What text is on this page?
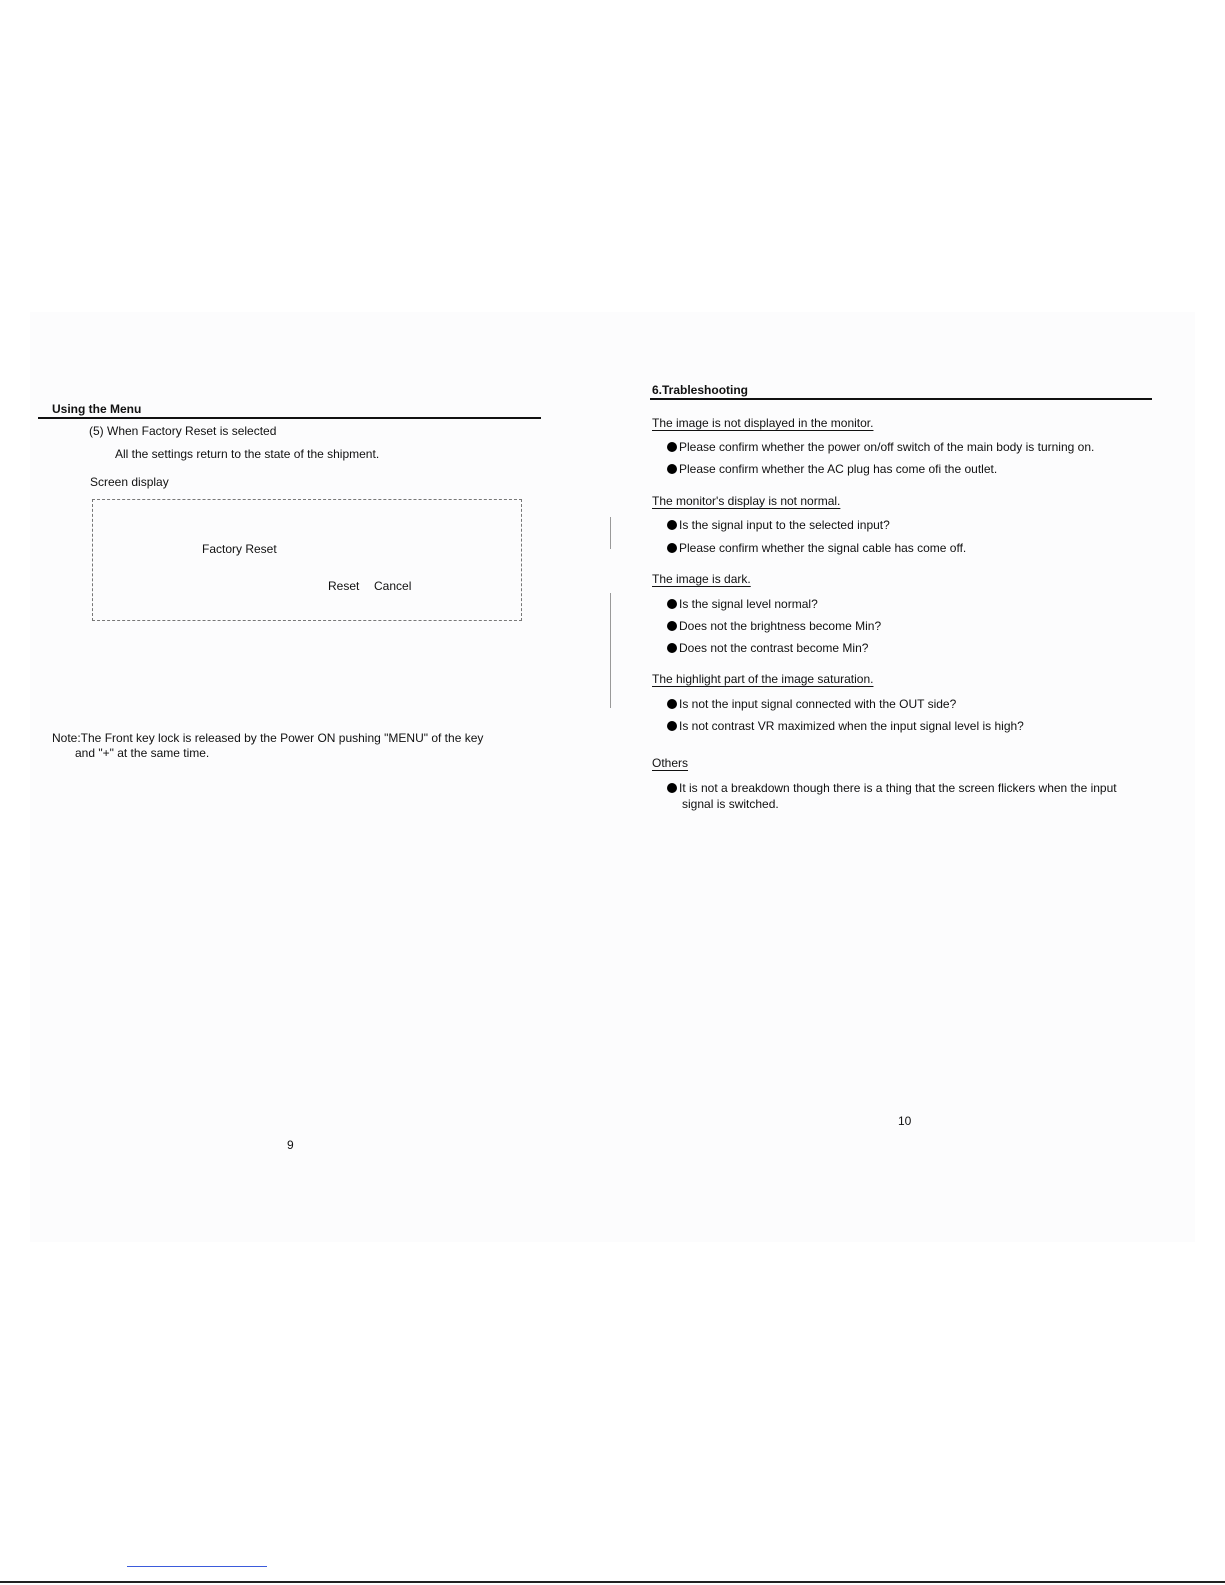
Using the Menu
(5) When Factory Reset is selected
All the settings return to the state of the shipment.
Screen display
Factory Reset
Reset Cancel
Note:The Front key lock is released by the Power ON pushing "MENU" of the key
and "+" at the same time.
9
6.Trableshooting
The image is not displayed in the monitor.
Please confirm whether the power on/off switch of the main body is turning on.
Please confirm whether the AC plug has come ofi the outlet.
The monitor's display is not normal.
Is the signal input to the selected input?
Please confirm whether the signal cable has come off.
The image is dark.
Is the signal level normal?
Does not the brightness become Min?
Does not the contrast become Min?
The highlight part of the image saturation.
Is not the input signal connected with the OUT side?
Is not contrast VR maximized when the input signal level is high?
Others
It is not a breakdown though there is a thing that the screen flickers when the input
signal is switched.
10
